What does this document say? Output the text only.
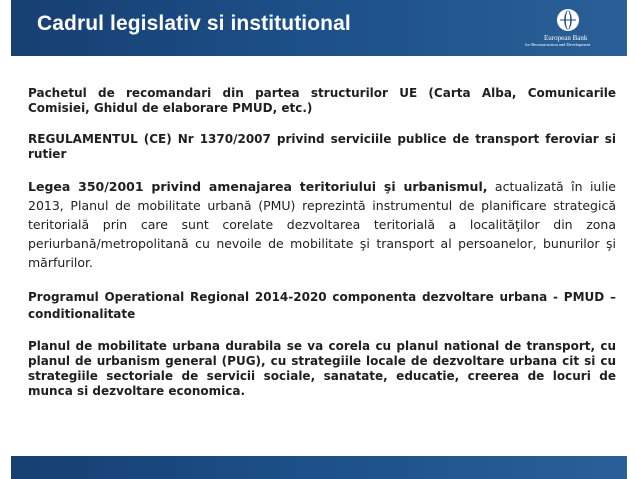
Cadrul legislativ si institutional
European Bank
for Reconstruction and Development

Pachetul de recomandari din partea structurilor UE (Carta Alba, Comunicarile Comisiei, Ghidul de elaborare PMUD, etc.)

REGULAMENTUL (CE) Nr 1370/2007 privind serviciile publice de transport feroviar si rutier

Legea 350/2001 privind amenajarea teritoriului şi urbanismul, actualizată în iulie 2013, Planul de mobilitate urbană (PMU) reprezintă instrumentul de planificare strategică teritorială prin care sunt corelate dezvoltarea teritorială a localităţilor din zona periurbană/metropolitană cu nevoile de mobilitate şi transport al persoanelor, bunurilor şi mărfurilor.

Programul Operational Regional 2014-2020 componenta dezvoltare urbana - PMUD – conditionalitate

Planul de mobilitate urbana durabila se va corela cu planul national de transport, cu planul de urbanism general (PUG), cu strategiile locale de dezvoltare urbana cit si cu strategiile sectoriale de servicii sociale, sanatate, educatie, creerea de locuri de munca si dezvoltare economica.
